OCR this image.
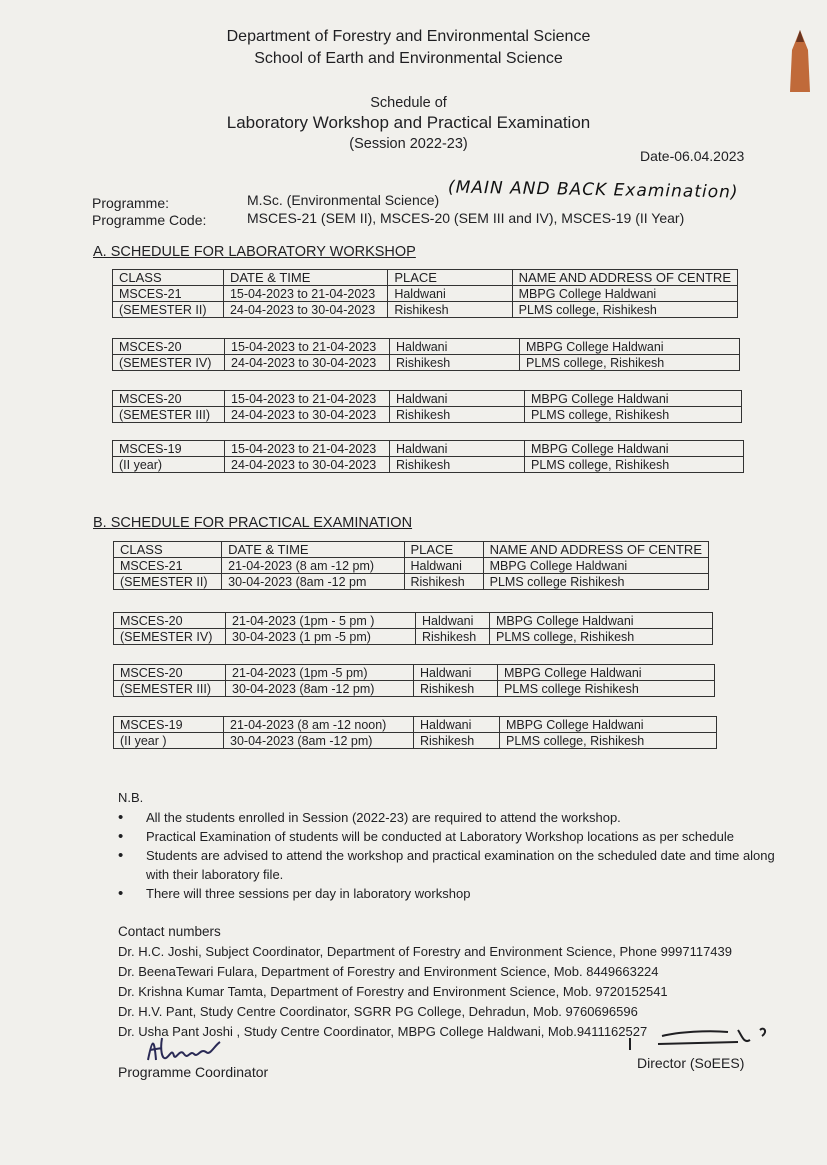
Department of Forestry and Environmental Science
School of Earth and Environmental Science
Schedule of
Laboratory Workshop and Practical Examination
(Session 2022-23)
Date-06.04.2023
Programme:	M.Sc. (Environmental Science) (MAIN AND BACK Examination)
Programme Code:	MSCES-21 (SEM II), MSCES-20 (SEM III and IV), MSCES-19 (II Year)
A. SCHEDULE FOR LABORATORY WORKSHOP
CLASS	DATE & TIME	PLACE	NAME AND ADDRESS OF CENTRE
MSCES-21	15-04-2023 to 21-04-2023	Haldwani	MBPG College Haldwani
(SEMESTER II)	24-04-2023 to 30-04-2023	Rishikesh	PLMS college, Rishikesh
MSCES-20	15-04-2023 to 21-04-2023	Haldwani	MBPG College Haldwani
(SEMESTER IV)	24-04-2023 to 30-04-2023	Rishikesh	PLMS college, Rishikesh
MSCES-20	15-04-2023 to 21-04-2023	Haldwani	MBPG College Haldwani
(SEMESTER III)	24-04-2023 to 30-04-2023	Rishikesh	PLMS college, Rishikesh
MSCES-19	15-04-2023 to 21-04-2023	Haldwani	MBPG College Haldwani
(II year)	24-04-2023 to 30-04-2023	Rishikesh	PLMS college, Rishikesh
B. SCHEDULE FOR PRACTICAL EXAMINATION
CLASS	DATE & TIME	PLACE	NAME AND ADDRESS OF CENTRE
MSCES-21	21-04-2023 (8 am -12 pm)	Haldwani	MBPG College Haldwani
(SEMESTER II)	30-04-2023 (8am -12 pm	Rishikesh	PLMS college Rishikesh
MSCES-20	21-04-2023 (1pm - 5 pm )	Haldwani	MBPG College Haldwani
(SEMESTER IV)	30-04-2023 (1 pm -5 pm)	Rishikesh	PLMS college, Rishikesh
MSCES-20	21-04-2023 (1pm -5 pm)	Haldwani	MBPG College Haldwani
(SEMESTER III)	30-04-2023 (8am -12 pm)	Rishikesh	PLMS college Rishikesh
MSCES-19	21-04-2023 (8 am -12 noon)	Haldwani	MBPG College Haldwani
(II year )	30-04-2023 (8am -12 pm)	Rishikesh	PLMS college, Rishikesh
N.B.
• All the students enrolled in Session (2022-23) are required to attend the workshop.
• Practical Examination of students will be conducted at Laboratory Workshop locations as per schedule
• Students are advised to attend the workshop and practical examination on the scheduled date and time along with their laboratory file.
• There will three sessions per day in laboratory workshop
Contact numbers
Dr. H.C. Joshi, Subject Coordinator, Department of Forestry and Environment Science, Phone 9997117439
Dr. BeenaTewari Fulara, Department of Forestry and Environment Science, Mob. 8449663224
Dr. Krishna Kumar Tamta, Department of Forestry and Environment Science, Mob. 9720152541
Dr. H.V. Pant, Study Centre Coordinator, SGRR PG College, Dehradun, Mob. 9760696596
Dr. Usha Pant Joshi , Study Centre Coordinator, MBPG College Haldwani, Mob.9411162527
Programme Coordinator
Director (SoEES)
